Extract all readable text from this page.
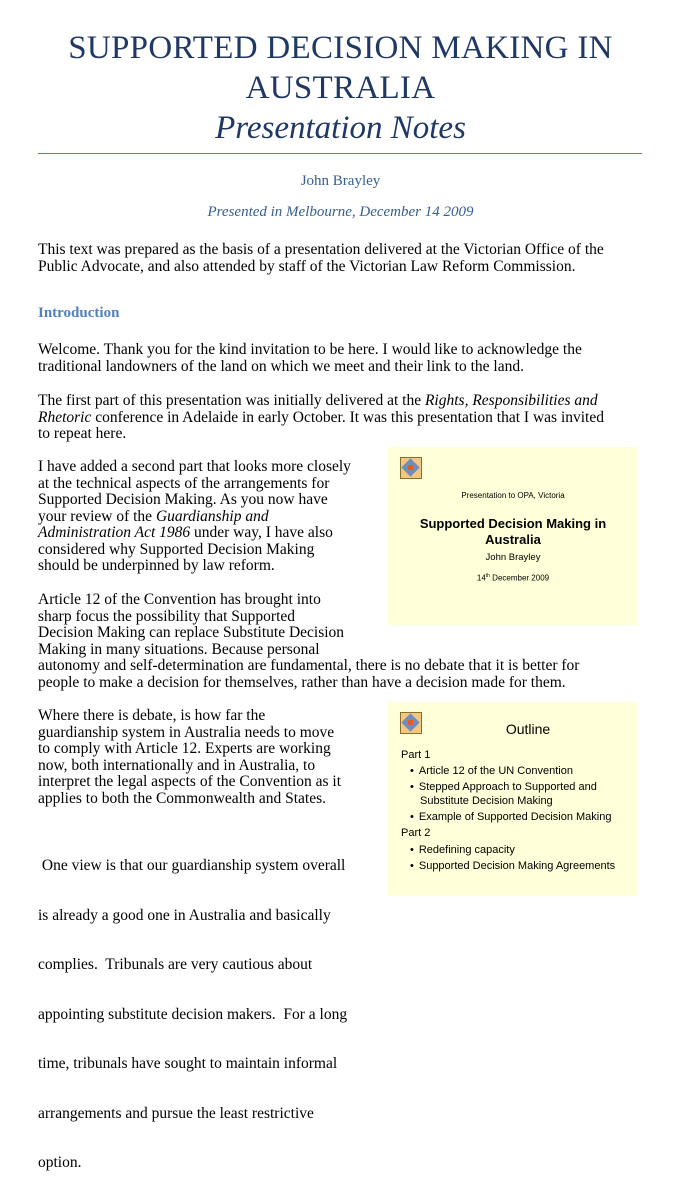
SUPPORTED DECISION MAKING IN
AUSTRALIA
Presentation Notes
John Brayley
Presented in Melbourne, December 14 2009
This text was prepared as the basis of a presentation delivered at the Victorian Office of the
Public Advocate, and also attended by staff of the Victorian Law Reform Commission.
Introduction
Welcome. Thank you for the kind invitation to be here. I would like to acknowledge the
traditional landowners of the land on which we meet and their link to the land.
The first part of this presentation was initially delivered at the Rights, Responsibilities and
Rhetoric conference in Adelaide in early October. It was this presentation that I was invited
to repeat here.
I have added a second part that looks more closely
at the technical aspects of the arrangements for
Supported Decision Making. As you now have
your review of the Guardianship and
Administration Act 1986 under way, I have also
considered why Supported Decision Making
should be underpinned by law reform.
Article 12 of the Convention has brought into
sharp focus the possibility that Supported
Decision Making can replace Substitute Decision
Making in many situations. Because personal
autonomy and self-determination are fundamental, there is no debate that it is better for
people to make a decision for themselves, rather than have a decision made for them.
Where there is debate, is how far the
guardianship system in Australia needs to move
to comply with Article 12. Experts are working
now, both internationally and in Australia, to
interpret the legal aspects of the Convention as it
applies to both the Commonwealth and States.

One view is that our guardianship system overall

is already a good one in Australia and basically

complies.  Tribunals are very cautious about

appointing substitute decision makers.  For a long

time, tribunals have sought to maintain informal

arrangements and pursue the least restrictive

option.

Presentation to OPA, Victoria
Supported Decision Making in
Australia
John Brayley
14th December 2009
Outline
Part 1
• Article 12 of the UN Convention
• Stepped Approach to Supported and
Substitute Decision Making
• Example of Supported Decision Making
Part 2
• Redefining capacity
• Supported Decision Making Agreements
